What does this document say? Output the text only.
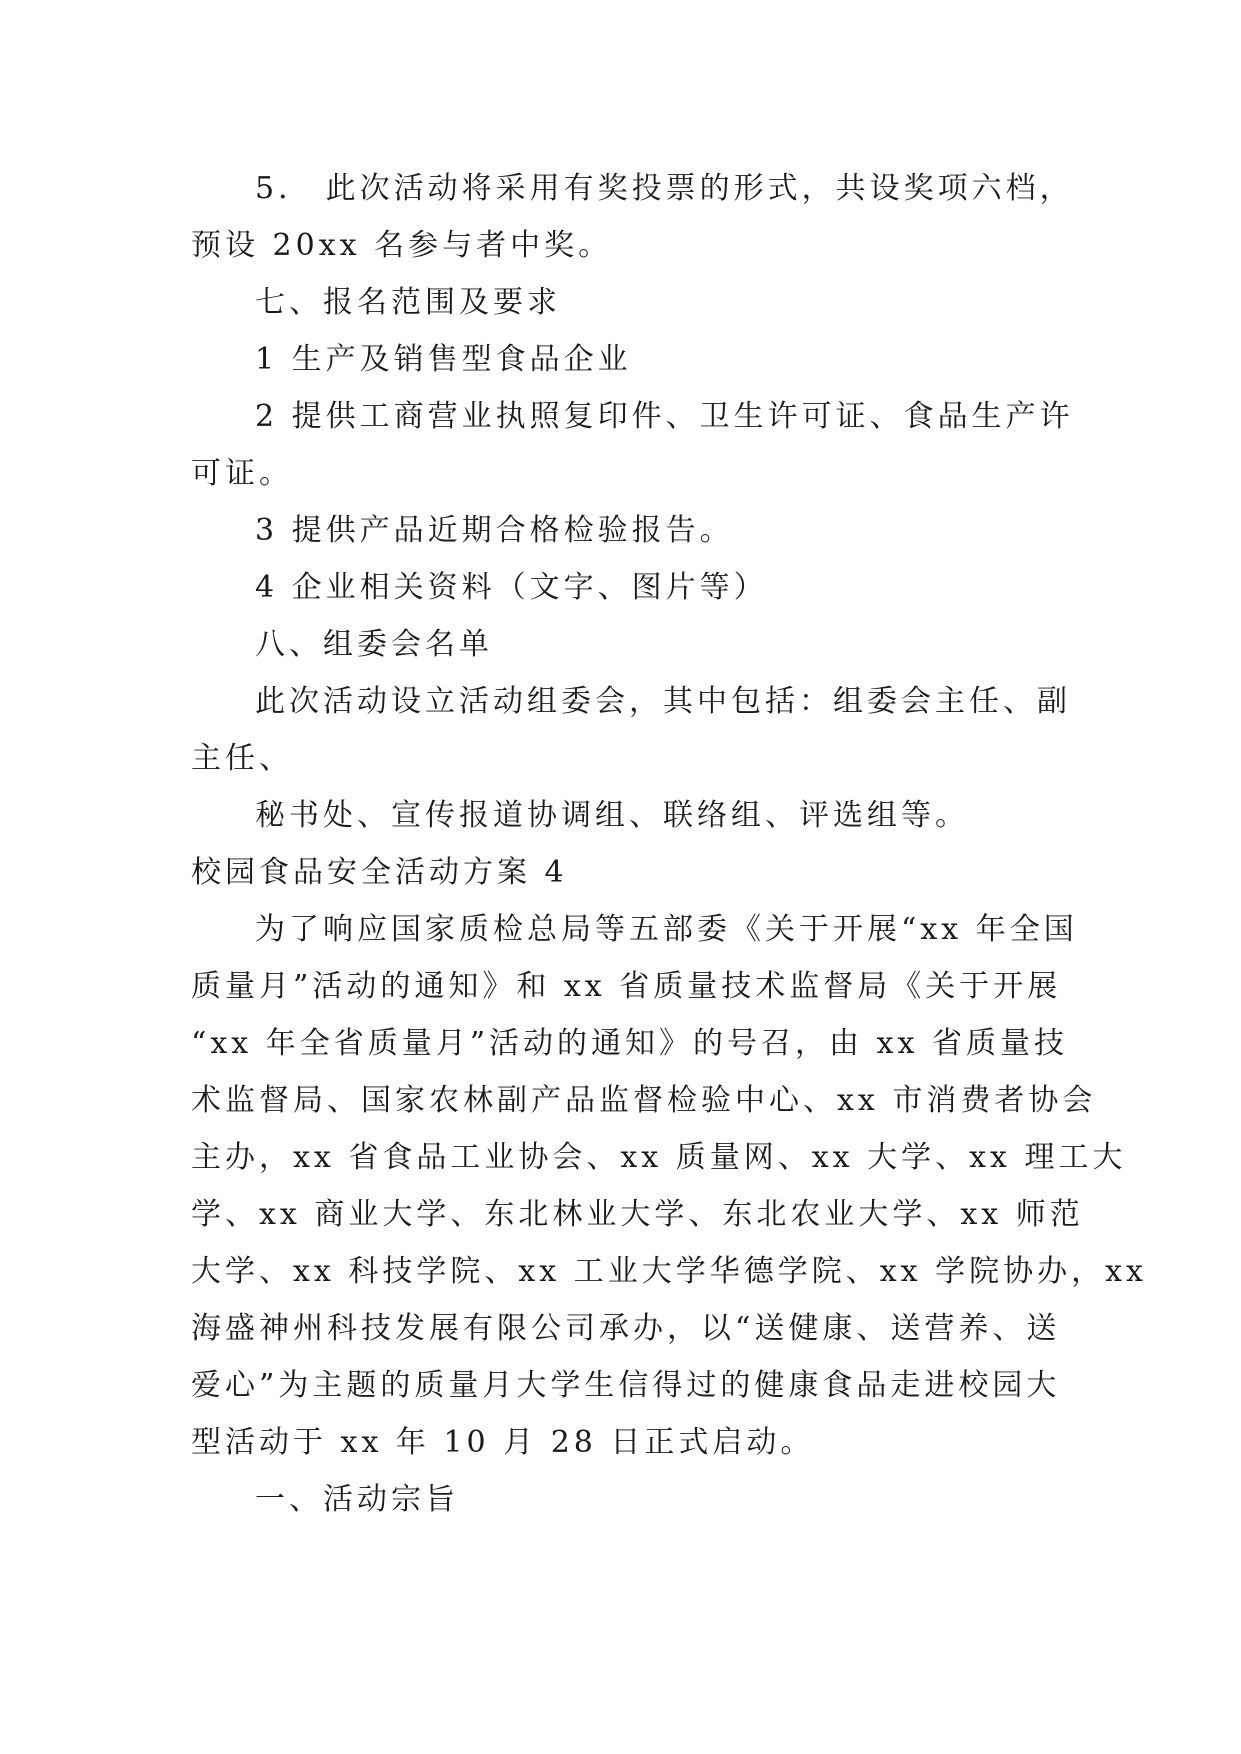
5． 此次活动将采用有奖投票的形式，共设奖项六档，

预设 20xx 名参与者中奖。

七、报名范围及要求

1 生产及销售型食品企业

2 提供工商营业执照复印件、卫生许可证、食品生产许

可证。

3 提供产品近期合格检验报告。

4 企业相关资料（文字、图片等）

八、组委会名单

此次活动设立活动组委会，其中包括：组委会主任、副

主任、

秘书处、宣传报道协调组、联络组、评选组等。

校园食品安全活动方案 4

为了响应国家质检总局等五部委《关于开展“xx 年全国

质量月”活动的通知》和 xx 省质量技术监督局《关于开展

“xx 年全省质量月”活动的通知》的号召，由 xx 省质量技

术监督局、国家农林副产品监督检验中心、xx 市消费者协会

主办，xx 省食品工业协会、xx 质量网、xx 大学、xx 理工大

学、xx 商业大学、东北林业大学、东北农业大学、xx 师范

大学、xx 科技学院、xx 工业大学华德学院、xx 学院协办，xx

海盛神州科技发展有限公司承办，以“送健康、送营养、送

爱心”为主题的质量月大学生信得过的健康食品走进校园大

型活动于 xx 年 10 月 28 日正式启动。

一、活动宗旨
